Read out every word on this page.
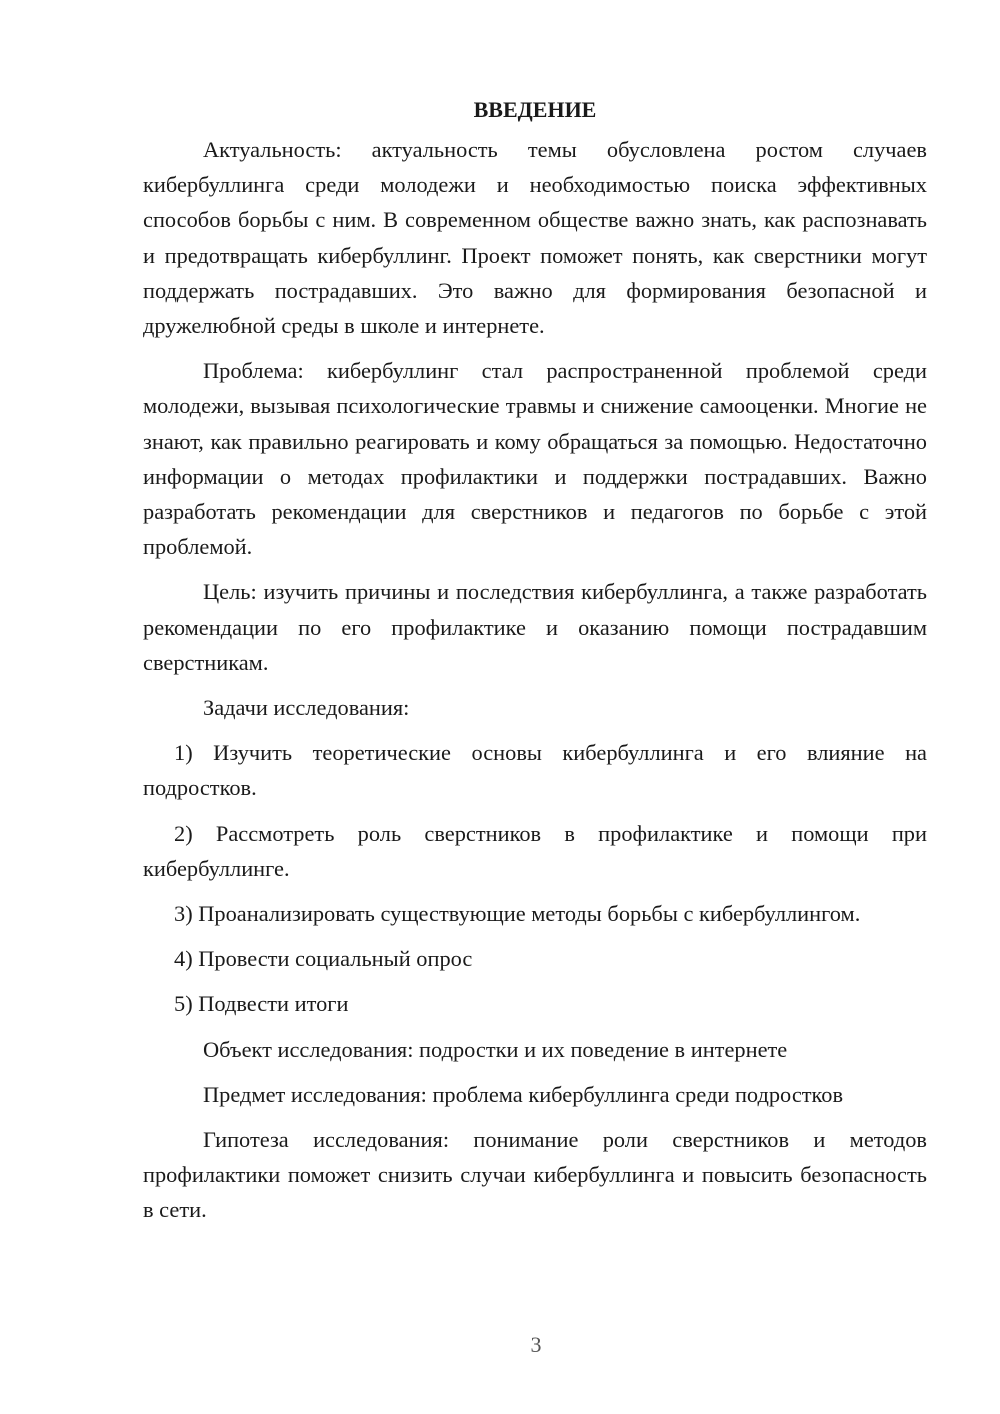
ВВЕДЕНИЕ

Актуальность: актуальность темы обусловлена ростом случаев кибербуллинга среди молодежи и необходимостью поиска эффективных способов борьбы с ним. В современном обществе важно знать, как распознавать и предотвращать кибербуллинг. Проект поможет понять, как сверстники могут поддержать пострадавших. Это важно для формирования безопасной и дружелюбной среды в школе и интернете.

Проблема: кибербуллинг стал распространенной проблемой среди молодежи, вызывая психологические травмы и снижение самооценки. Многие не знают, как правильно реагировать и кому обращаться за помощью. Недостаточно информации о методах профилактики и поддержки пострадавших. Важно разработать рекомендации для сверстников и педагогов по борьбе с этой проблемой.

Цель: изучить причины и последствия кибербуллинга, а также разработать рекомендации по его профилактике и оказанию помощи пострадавшим сверстникам.

Задачи исследования:

1) Изучить теоретические основы кибербуллинга и его влияние на подростков.

2) Рассмотреть роль сверстников в профилактике и помощи при кибербуллинге.

3) Проанализировать существующие методы борьбы с кибербуллингом.

4) Провести социальный опрос

5) Подвести итоги

Объект исследования: подростки и их поведение в интернете

Предмет исследования: проблема кибербуллинга среди подростков

Гипотеза исследования: понимание роли сверстников и методов профилактики поможет снизить случаи кибербуллинга и повысить безопасность в сети.

3
